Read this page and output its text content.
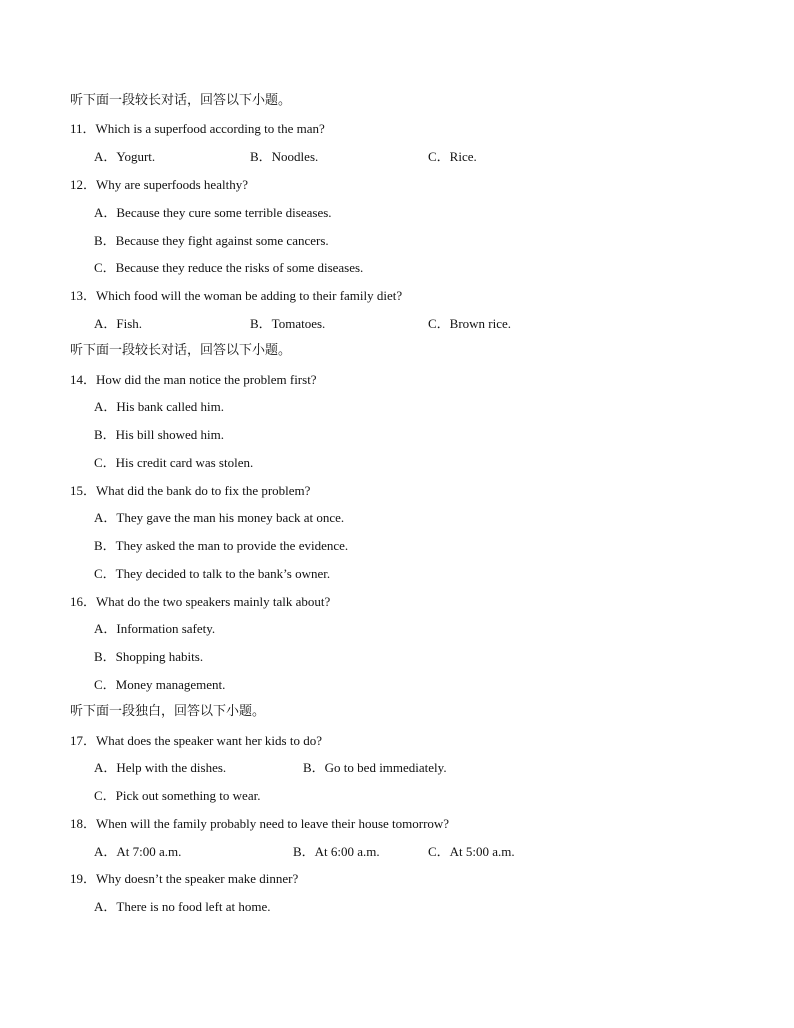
听下面一段较长对话，回答以下小题。
11．Which is a superfood according to the man?
A．Yogurt.	B．Noodles.	C．Rice.
12．Why are superfoods healthy?
A．Because they cure some terrible diseases.
B．Because they fight against some cancers.
C．Because they reduce the risks of some diseases.
13．Which food will the woman be adding to their family diet?
A．Fish.	B．Tomatoes.	C．Brown rice.
听下面一段较长对话，回答以下小题。
14．How did the man notice the problem first?
A．His bank called him.
B．His bill showed him.
C．His credit card was stolen.
15．What did the bank do to fix the problem?
A．They gave the man his money back at once.
B．They asked the man to provide the evidence.
C．They decided to talk to the bank’s owner.
16．What do the two speakers mainly talk about?
A．Information safety.
B．Shopping habits.
C．Money management.
听下面一段独白，回答以下小题。
17．What does the speaker want her kids to do?
A．Help with the dishes.	B．Go to bed immediately.
C．Pick out something to wear.
18．When will the family probably need to leave their house tomorrow?
A．At 7:00 a.m.	B．At 6:00 a.m.	C．At 5:00 a.m.
19．Why doesn’t the speaker make dinner?
A．There is no food left at home.
